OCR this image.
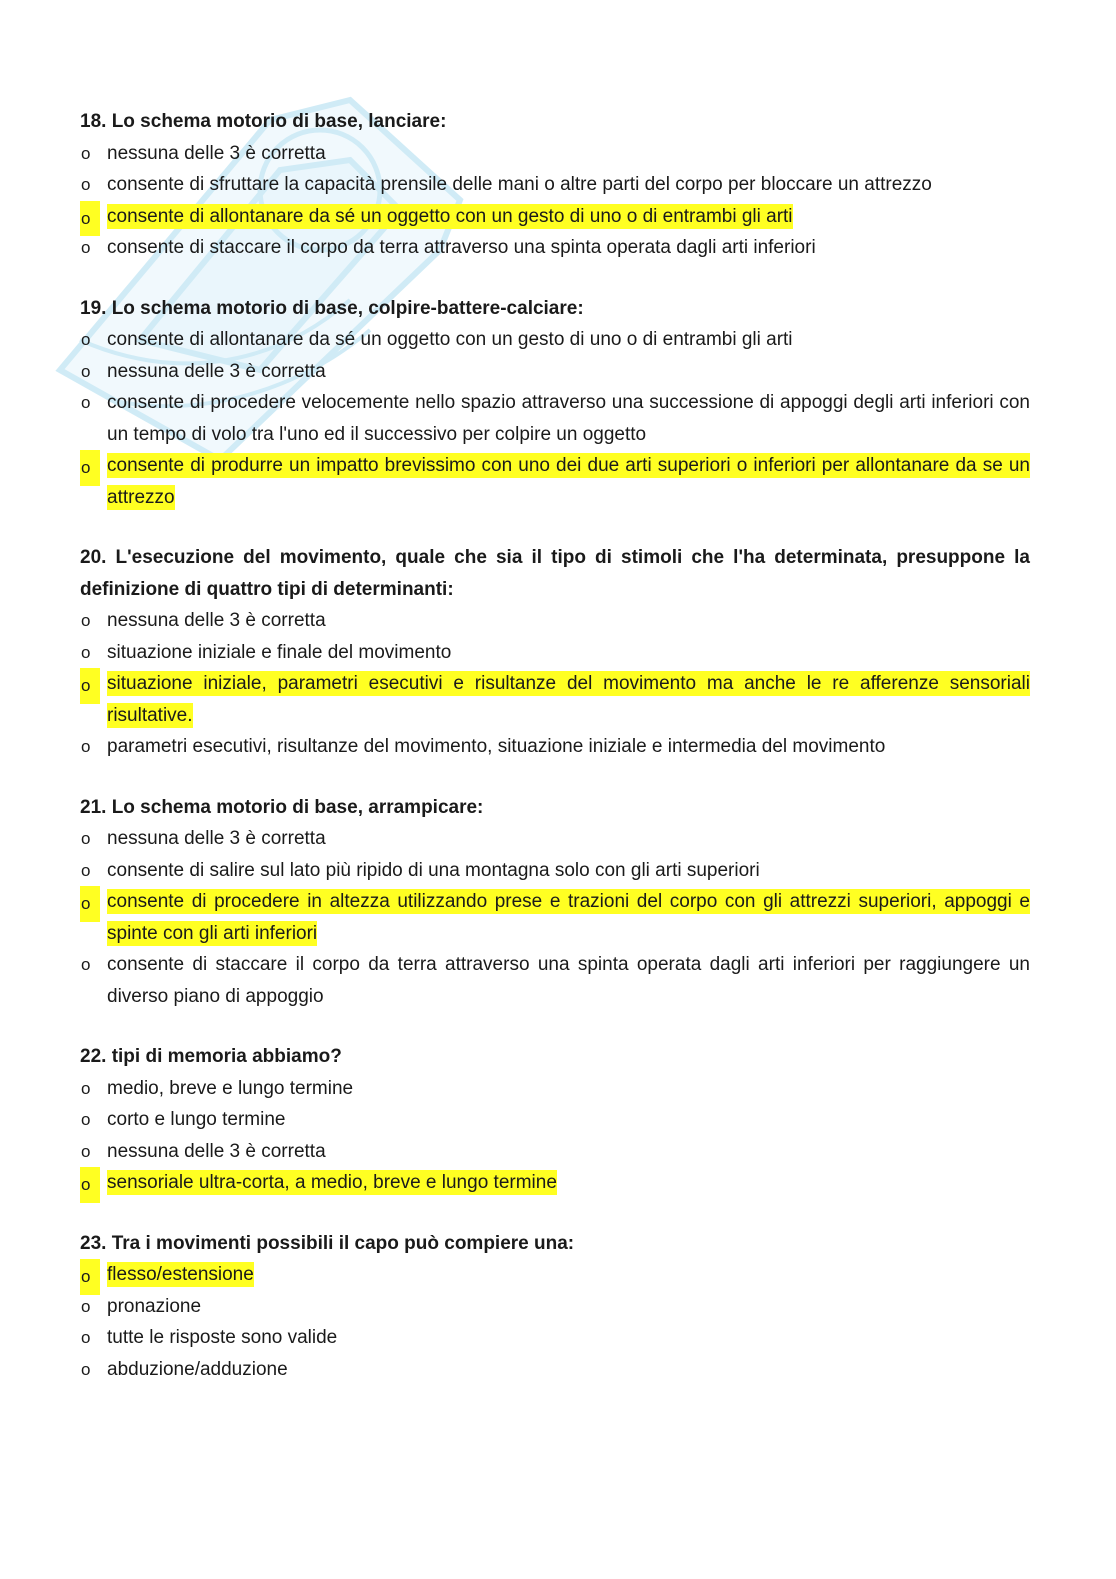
18. Lo schema motorio di base, lanciare:

o nessuna delle 3 è corretta
o consente di sfruttare la capacità prensile delle mani o altre parti del corpo per bloccare un attrezzo
o consente di allontanare da sé un oggetto con un gesto di uno o di entrambi gli arti
o consente di staccare il corpo da terra attraverso una spinta operata dagli arti inferiori

19. Lo schema motorio di base, colpire-battere-calciare:

o consente di allontanare da sé un oggetto con un gesto di uno o di entrambi gli arti
o nessuna delle 3 è corretta
o consente di procedere velocemente nello spazio attraverso una successione di appoggi degli arti inferiori con un tempo di volo tra l'uno ed il successivo per colpire un oggetto
o consente di produrre un impatto brevissimo con uno dei due arti superiori o inferiori per allontanare da se un attrezzo

20. L'esecuzione del movimento, quale che sia il tipo di stimoli che l'ha determinata, presuppone la definizione di quattro tipi di determinanti:

o nessuna delle 3 è corretta
o situazione iniziale e finale del movimento
o situazione iniziale, parametri esecutivi e risultanze del movimento ma anche le re afferenze sensoriali risultative.
o parametri esecutivi, risultanze del movimento, situazione iniziale e intermedia del movimento

21. Lo schema motorio di base, arrampicare:

o nessuna delle 3 è corretta
o consente di salire sul lato più ripido di una montagna solo con gli arti superiori
o consente di procedere in altezza utilizzando prese e trazioni del corpo con gli attrezzi superiori, appoggi e spinte con gli arti inferiori
o consente di staccare il corpo da terra attraverso una spinta operata dagli arti inferiori per raggiungere un diverso piano di appoggio

22. tipi di memoria abbiamo?

o medio, breve e lungo termine
o corto e lungo termine
o nessuna delle 3 è corretta
o sensoriale ultra-corta, a medio, breve e lungo termine

23. Tra i movimenti possibili il capo può compiere una:

o flesso/estensione
o pronazione
o tutte le risposte sono valide
o abduzione/adduzione
